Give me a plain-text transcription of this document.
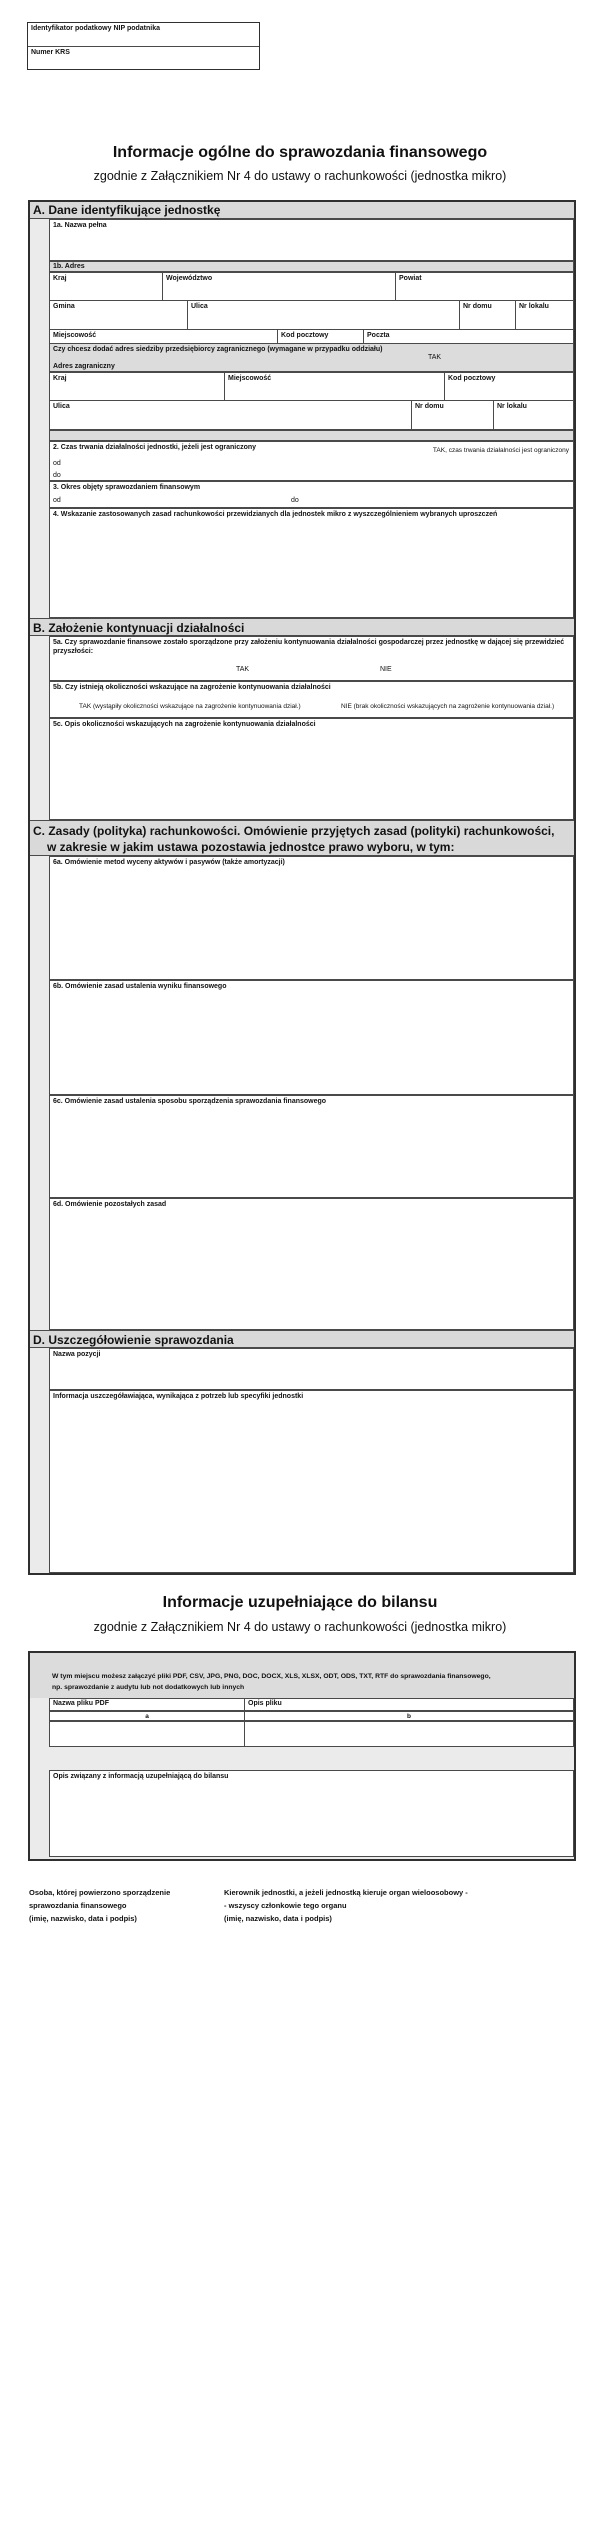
Identyfikator podatkowy NIP podatnika
Numer KRS
Informacje ogólne do sprawozdania finansowego
zgodnie z Załącznikiem Nr 4 do ustawy o rachunkowości (jednostka mikro)
A. Dane identyfikujące jednostkę
1a. Nazwa pełna
1b. Adres
Kraj	Województwo	Powiat
Gmina	Ulica	Nr domu	Nr lokalu
Miejscowość	Kod pocztowy	Poczta
Czy chcesz dodać adres siedziby przedsiębiorcy zagranicznego (wymagane w przypadku oddziału)
TAK
Adres zagraniczny
Kraj	Miejscowość	Kod pocztowy
Ulica	Nr domu	Nr lokalu
2. Czas trwania działalności jednostki, jeżeli jest ograniczony	TAK, czas trwania działalności jest ograniczony
od
do
3. Okres objęty sprawozdaniem finansowym
od	do
4. Wskazanie zastosowanych zasad rachunkowości przewidzianych dla jednostek mikro z wyszczególnieniem wybranych uproszczeń
B. Założenie kontynuacji działalności
5a. Czy sprawozdanie finansowe zostało sporządzone przy założeniu kontynuowania działalności gospodarczej przez jednostkę w dającej się przewidzieć przyszłości:
TAK	NIE
5b. Czy istnieją okoliczności wskazujące na zagrożenie kontynuowania działalności
TAK (wystąpiły okoliczności wskazujące na zagrożenie kontynuowania dział.)	NIE (brak okoliczności wskazujących na zagrożenie kontynuowania dział.)
5c. Opis okoliczności wskazujących na zagrożenie kontynuowania działalności
C. Zasady (polityka) rachunkowości. Omówienie przyjętych zasad (polityki) rachunkowości,
w zakresie w jakim ustawa pozostawia jednostce prawo wyboru, w tym:
6a. Omówienie metod wyceny aktywów i pasywów (także amortyzacji)
6b. Omówienie zasad ustalenia wyniku finansowego
6c. Omówienie zasad ustalenia sposobu sporządzenia sprawozdania finansowego
6d. Omówienie pozostałych zasad
D. Uszczegółowienie sprawozdania
Nazwa pozycji
Informacja uszczegóławiająca, wynikająca z potrzeb lub specyfiki jednostki
Informacje uzupełniające do bilansu
zgodnie z Załącznikiem Nr 4 do ustawy o rachunkowości (jednostka mikro)
W tym miejscu możesz załączyć pliki PDF, CSV, JPG, PNG, DOC, DOCX, XLS, XLSX, ODT, ODS, TXT, RTF do sprawozdania finansowego,
np. sprawozdanie z audytu lub not dodatkowych lub innych
Nazwa pliku PDF	Opis pliku
a	b
Opis związany z informacją uzupełniającą do bilansu
Osoba, której powierzono sporządzenie
sprawozdania finansowego
(imię, nazwisko, data i podpis)
Kierownik jednostki, a jeżeli jednostką kieruje organ wieloosobowy -
- wszyscy członkowie tego organu
(imię, nazwisko, data i podpis)
